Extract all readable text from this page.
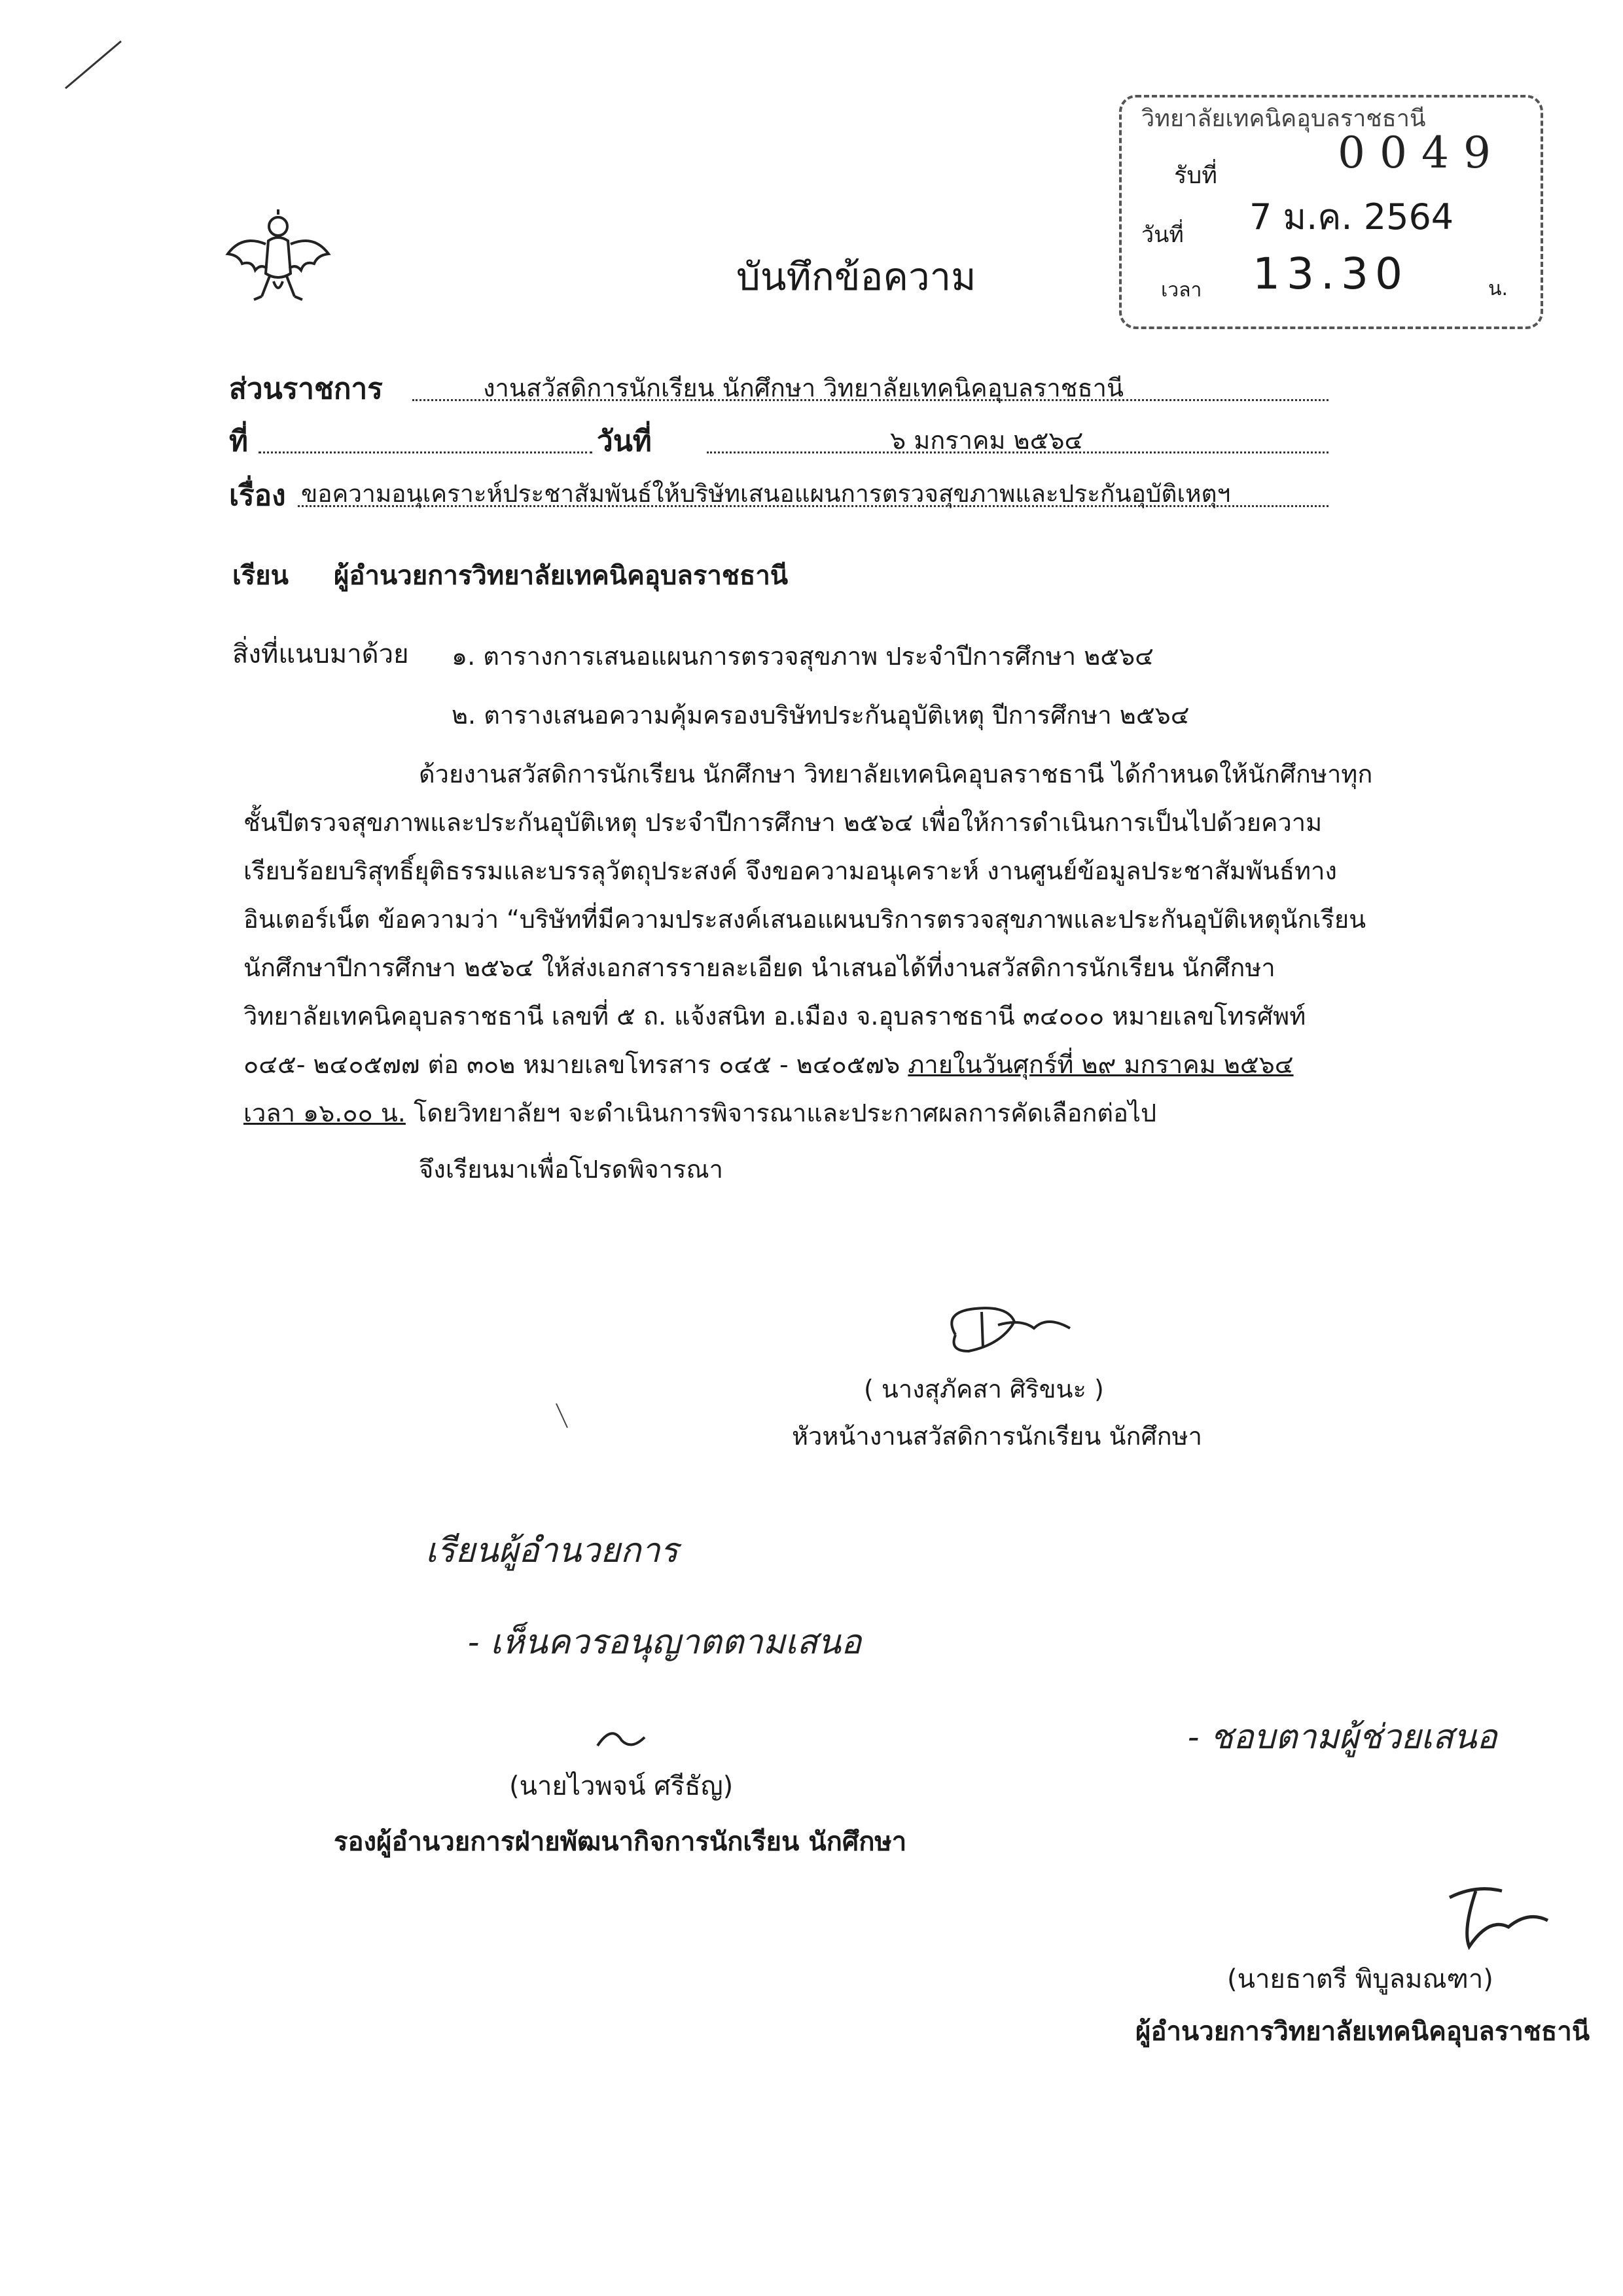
วิทยาลัยเทคนิคอุบลราชธานี
รับที่	0049
วันที่ 7 ม.ค. 2564
เวลา 13.30	น.
บันทึกข้อความ
ส่วนราชการ	งานสวัสดิการนักเรียน นักศึกษา วิทยาลัยเทคนิคอุบลราชธานี
ที่	วันที่	๖ มกราคม ๒๕๖๔
เรื่อง ขอความอนุเคราะห์ประชาสัมพันธ์ให้บริษัทเสนอแผนการตรวจสุขภาพและประกันอุบัติเหตุฯ
เรียน ผู้อำนวยการวิทยาลัยเทคนิคอุบลราชธานี
สิ่งที่แนบมาด้วย ๑. ตารางการเสนอแผนการตรวจสุขภาพ ประจำปีการศึกษา ๒๕๖๔
๒. ตารางเสนอความคุ้มครองบริษัทประกันอุบัติเหตุ ปีการศึกษา ๒๕๖๔
ด้วยงานสวัสดิการนักเรียน นักศึกษา วิทยาลัยเทคนิคอุบลราชธานี ได้กำหนดให้นักศึกษาทุก
ชั้นปีตรวจสุขภาพและประกันอุบัติเหตุ ประจำปีการศึกษา ๒๕๖๔ เพื่อให้การดำเนินการเป็นไปด้วยความ
เรียบร้อยบริสุทธิ์ยุติธรรมและบรรลุวัตถุประสงค์ จึงขอความอนุเคราะห์ งานศูนย์ข้อมูลประชาสัมพันธ์ทาง
อินเตอร์เน็ต ข้อความว่า “บริษัทที่มีความประสงค์เสนอแผนบริการตรวจสุขภาพและประกันอุบัติเหตุนักเรียน
นักศึกษาปีการศึกษา ๒๕๖๔ ให้ส่งเอกสารรายละเอียด นำเสนอได้ที่งานสวัสดิการนักเรียน นักศึกษา
วิทยาลัยเทคนิคอุบลราชธานี เลขที่ ๕ ถ. แจ้งสนิท อ.เมือง จ.อุบลราชธานี ๓๔๐๐๐ หมายเลขโทรศัพท์
๐๔๕- ๒๔๐๕๗๗ ต่อ ๓๐๒ หมายเลขโทรสาร ๐๔๕ - ๒๔๐๕๗๖ ภายในวันศุกร์ที่ ๒๙ มกราคม ๒๕๖๔
เวลา ๑๖.๐๐ น. โดยวิทยาลัยฯ จะดำเนินการพิจารณาและประกาศผลการคัดเลือกต่อไป
จึงเรียนมาเพื่อโปรดพิจารณา
( นางสุภัคสา ศิริขนะ )
หัวหน้างานสวัสดิการนักเรียน นักศึกษา
เรียนผู้อำนวยการ
- เห็นควรอนุญาตตามเสนอ
(นายไวพจน์ ศรีธัญ)
รองผู้อำนวยการฝ่ายพัฒนากิจการนักเรียน นักศึกษา
- ชอบตามผู้ช่วยเสนอ
(นายธาตรี พิบูลมณฑา)
ผู้อำนวยการวิทยาลัยเทคนิคอุบลราชธานี
